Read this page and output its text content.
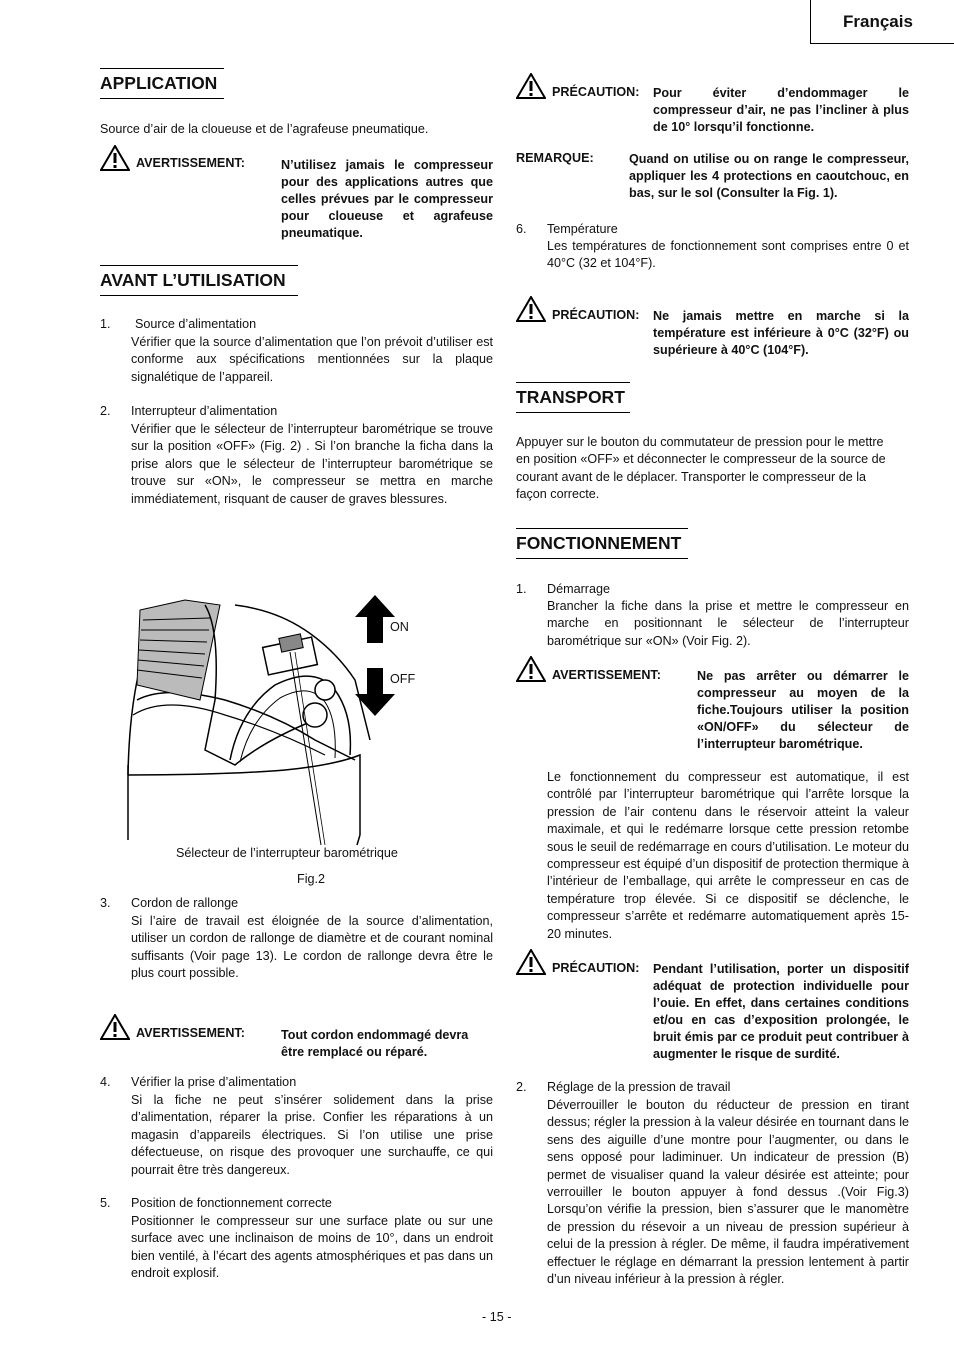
Français
APPLICATION
Source d’air de la cloueuse et de l’agrafeuse pneumatique.
AVERTISSEMENT:	N’utilisez jamais le compresseur pour des applications autres que celles prévues par le compresseur pour cloueuse et agrafeuse pneumatique.
AVANT L’UTILISATION
1. Source d’alimentation
Vérifier que la source d’alimentation que l’on prévoit d’utiliser est conforme aux spécifications mentionnées sur la plaque signalétique de l’appareil.
2. Interrupteur d’alimentation
Vérifier que le sélecteur de l’interrupteur barométrique se trouve sur la position «OFF» (Fig. 2) . Si l’on branche la ficha dans la prise alors que le sélecteur de l’interrupteur barométrique se trouve sur «ON», le compresseur se mettra en marche immédiatement, risquant de causer de graves blessures.
ON
OFF
Sélecteur de l’interrupteur barométrique
Fig.2
3. Cordon de rallonge
Si l’aire de travail est éloignée de la source d’alimentation, utiliser un cordon de rallonge de diamètre et de courant nominal suffisants (Voir page 13). Le cordon de rallonge devra être le plus court possible.
AVERTISSEMENT:	Tout cordon endommagé devra être remplacé ou réparé.
4. Vérifier la prise d’alimentation
Si la fiche ne peut s’insérer solidement dans la prise d’alimentation, réparer la prise. Confier les réparations à un magasin d’appareils électriques. Si l’on utilise une prise défectueuse, on risque des provoquer une surchauffe, ce qui pourrait être très dangereux.
5. Position de fonctionnement correcte
Positionner le compresseur sur une surface plate ou sur une surface avec une inclinaison de moins de 10°, dans un endroit bien ventilé, à l’écart des agents atmosphériques et pas dans un endroit explosif.
PRÉCAUTION: Pour éviter d’endommager le compresseur d’air, ne pas l’incliner à plus de 10° lorsqu’il fonctionne.
REMARQUE:	Quand on utilise ou on range le compresseur, appliquer les 4 protections en caoutchouc, en bas, sur le sol (Consulter la Fig. 1).
6. Température
Les températures de fonctionnement sont comprises entre 0 et 40°C (32 et 104°F).
PRÉCAUTION: Ne jamais mettre en marche si la température est inférieure à 0°C (32°F) ou supérieure à 40°C (104°F).
TRANSPORT
Appuyer sur le bouton du commutateur de pression pour le mettre en position «OFF» et déconnecter le compresseur de la source de courant avant de le déplacer. Transporter le compresseur de la façon correcte.
FONCTIONNEMENT
1. Démarrage
Brancher la fiche dans la prise et mettre le compresseur en marche en positionnant le sélecteur de l’interrupteur barométrique sur «ON» (Voir Fig. 2).
AVERTISSEMENT:	Ne pas arrêter ou démarrer le compresseur au moyen de la fiche.Toujours utiliser la position «ON/OFF» du sélecteur de l’interrupteur barométrique.
Le fonctionnement du compresseur est automatique, il est contrôlé par l’interrupteur barométrique qui l’arrête lorsque la pression de l’air contenu dans le réservoir atteint la valeur maximale, et qui le redémarre lorsque cette pression retombe sous le seuil de redémarrage en cours d’utilisation. Le moteur du compresseur est équipé d’un dispositif de protection thermique à l’intérieur de l’emballage, qui arrête le compresseur en cas de température trop élevée. Si ce dispositif se déclenche, le compresseur s’arrête et redémarre automatiquement après 15-20 minutes.
PRÉCAUTION: Pendant l’utilisation, porter un dispositif adéquat de protection individuelle pour l’ouie. En effet, dans certaines conditions et/ou en cas d’exposition prolongée, le bruit émis par ce produit peut contribuer à augmenter le risque de surdité.
2. Réglage de la pression de travail
Déverrouiller le bouton du réducteur de pression en tirant dessus; régler la pression à la valeur désirée en tournant dans le sens des aiguille d’une montre pour l’augmenter, ou dans le sens opposé pour ladiminuer. Un indicateur de pression (B) permet de visualiser quand la valeur désirée est atteinte; pour verrouiller le bouton appuyer à fond dessus .(Voir Fig.3) Lorsqu’on vérifie la pression, bien s’assurer que le manomètre de pression du résevoir a un niveau de pression supérieur à celui de la pression à régler. De même, il faudra impérativement effectuer le réglage en démarrant la pression lentement à partir d’un niveau inférieur à la pression à régler.
- 15 -
